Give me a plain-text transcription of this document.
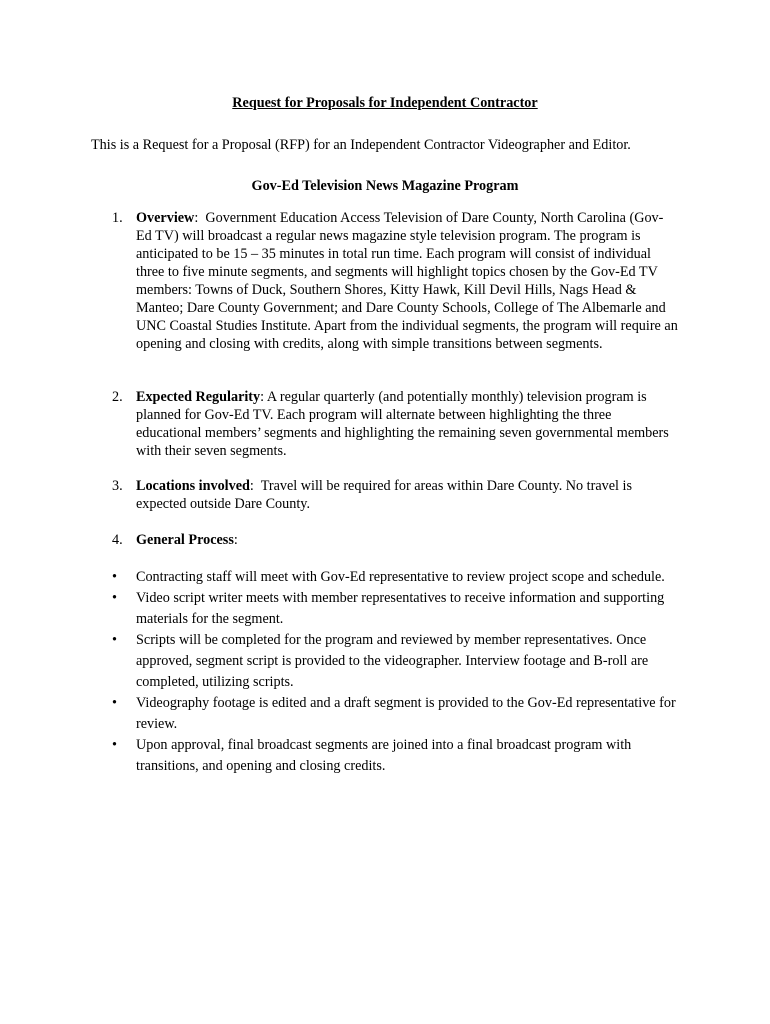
Request for Proposals for Independent Contractor

This is a Request for a Proposal (RFP) for an Independent Contractor Videographer and Editor.

Gov-Ed Television News Magazine Program
1. Overview:  Government Education Access Television of Dare County, North Carolina (Gov-Ed TV) will broadcast a regular news magazine style television program. The program is anticipated to be 15 – 35 minutes in total run time. Each program will consist of individual three to five minute segments, and segments will highlight topics chosen by the Gov-Ed TV members: Towns of Duck, Southern Shores, Kitty Hawk, Kill Devil Hills, Nags Head & Manteo; Dare County Government; and Dare County Schools, College of The Albemarle and UNC Coastal Studies Institute. Apart from the individual segments, the program will require an opening and closing with credits, along with simple transitions between segments.
2. Expected Regularity: A regular quarterly (and potentially monthly) television program is planned for Gov-Ed TV. Each program will alternate between highlighting the three educational members’ segments and highlighting the remaining seven governmental members with their seven segments.
3. Locations involved:  Travel will be required for areas within Dare County. No travel is expected outside Dare County.
4. General Process:
•	Contracting staff will meet with Gov-Ed representative to review project scope and schedule.
•	Video script writer meets with member representatives to receive information and supporting materials for the segment.
•	Scripts will be completed for the program and reviewed by member representatives. Once approved, segment script is provided to the videographer. Interview footage and B-roll are completed, utilizing scripts.
•	Videography footage is edited and a draft segment is provided to the Gov-Ed representative for review.
•	Upon approval, final broadcast segments are joined into a final broadcast program with transitions, and opening and closing credits.
